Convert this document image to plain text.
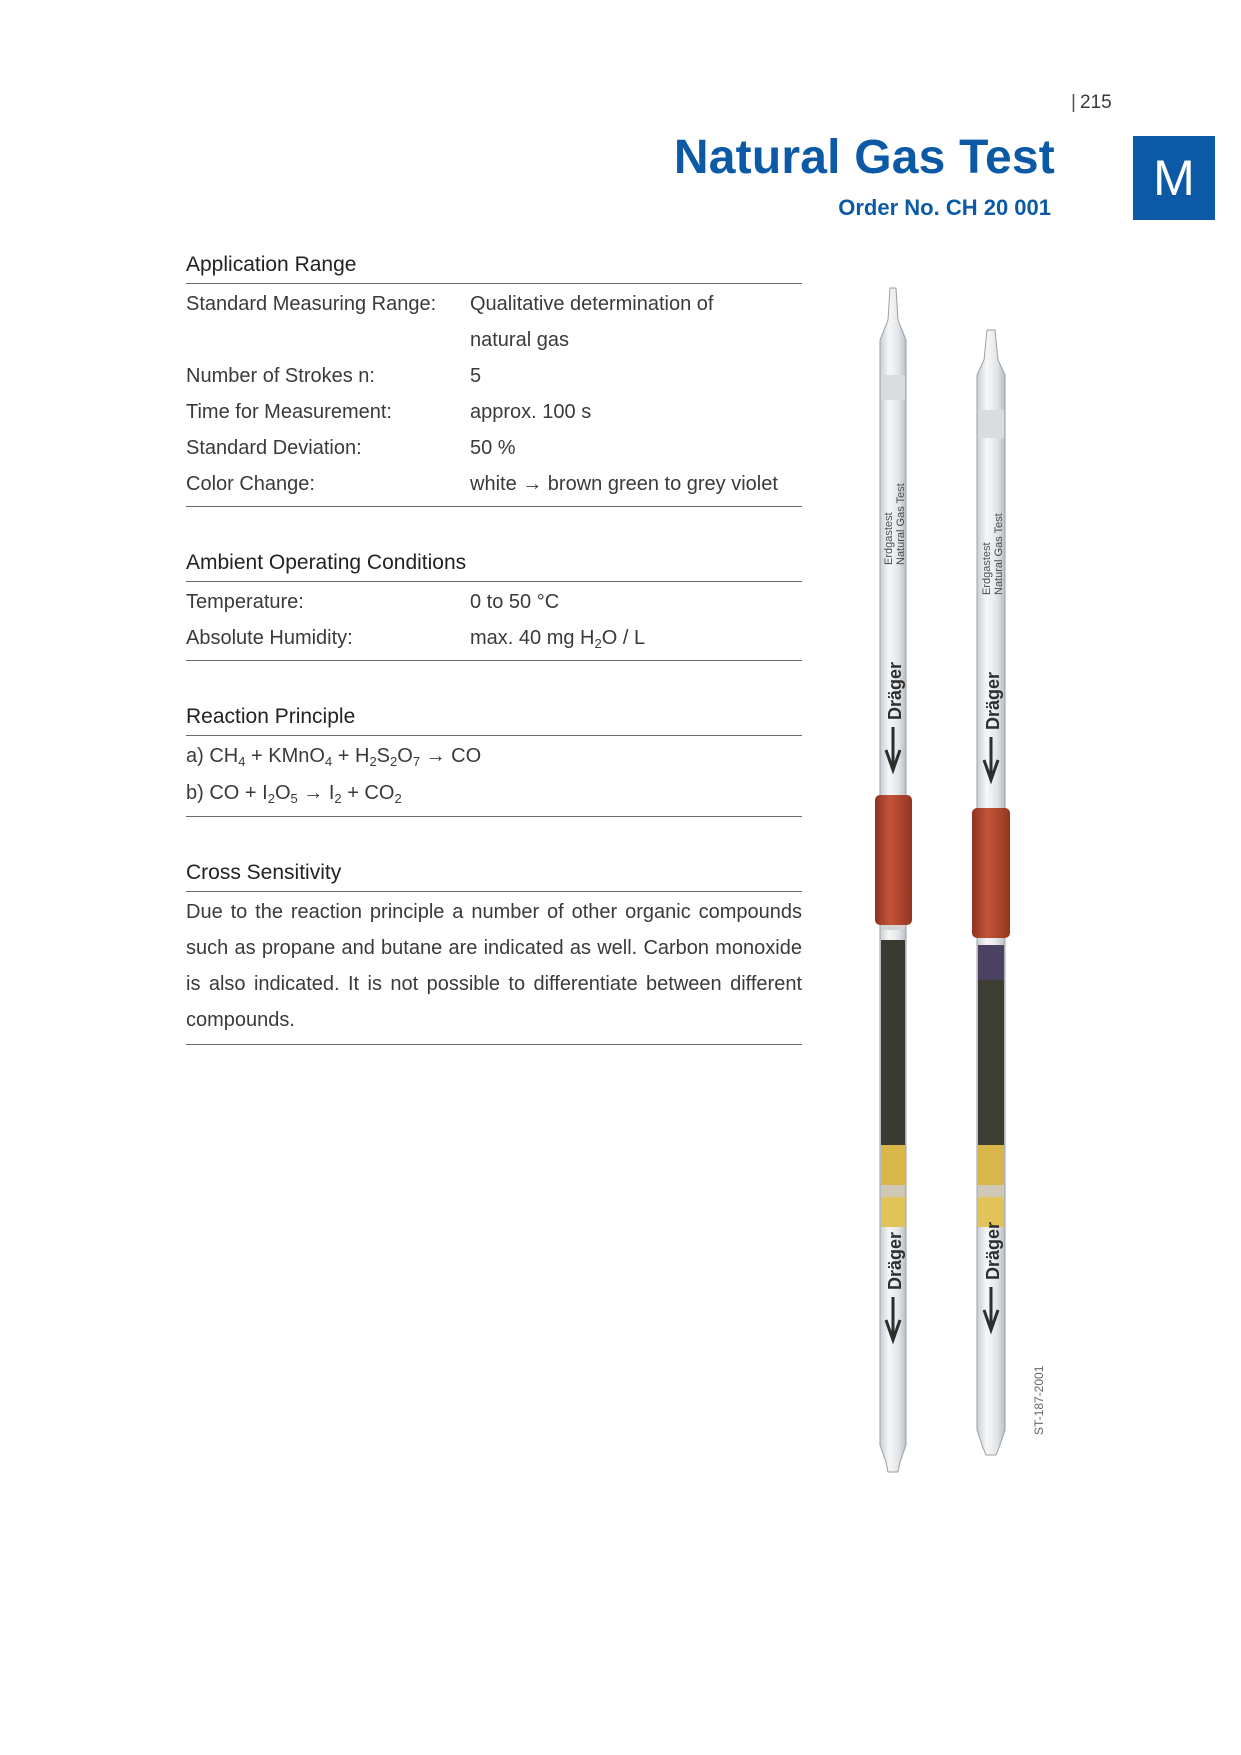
| 215
Natural Gas Test
Order No. CH 20 001
M
Application Range
Standard Measuring Range:	Qualitative determination of
natural gas
Number of Strokes n:	5
Time for Measurement:	approx. 100 s
Standard Deviation:	50 %
Color Change:	white → brown green to grey violet
Ambient Operating Conditions
Temperature:	0 to 50 °C
Absolute Humidity:	max. 40 mg $H_2O$ / L
Reaction Principle
a) $CH_4$ + KMnO$_4$ + $H_2S_2O_7$ → CO
b) CO + $I_2O_5 \to I_2 + CO_2$
Cross Sensitivity
Due to the reaction principle a number of other organic compounds such as propane and butane are indicated as well. Carbon monoxide is also indicated. It is not possible to differentiate between different compounds.
Erdgastest Natural Gas Test
Dräger
Dräger
Erdgastest Natural Gas Test
Dräger
Dräger
ST-187-2001
